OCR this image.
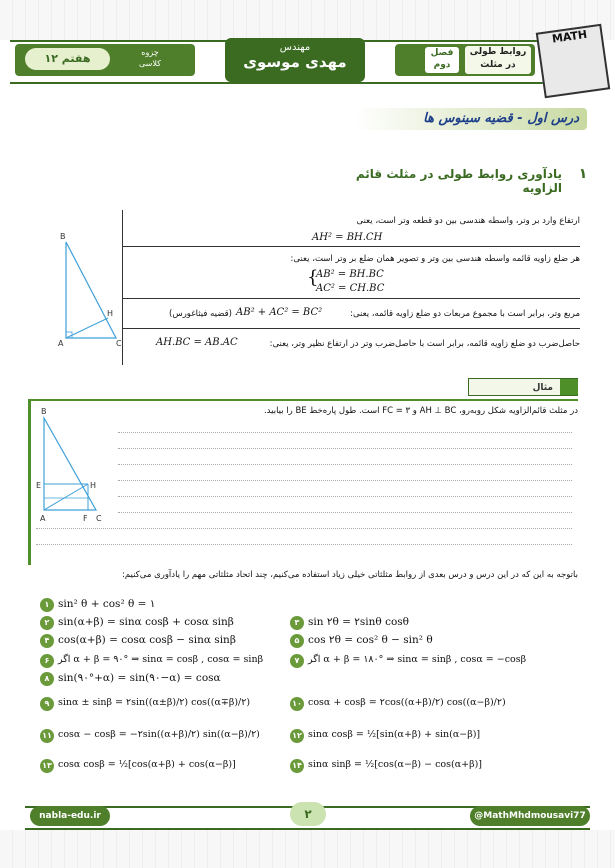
چزوه
کلاسی
هفتم ۱۲
مهندس
مهدی موسوی	فصل
دوم
روابط طولی
در مثلث
MATH
درس اول - قضیه سینوس ها
۱
یادآوری روابط طولی در مثلث قائم الزاویه
B
H
A	C
ارتفاع وارد بر وتر، واسطه هندسی بین دو قطعه وتر است، یعنی
AH² = BH.CH
هر ضلع زاویه قائمه واسطه هندسی بین وتر و تصویر همان ضلع بر وتر است، یعنی:
{
AB² = BH.BC
AC² = CH.BC
مربع وتر، برابر است با مجموع مربعات دو ضلع زاویه قائمه، یعنی:
AB² + AC² = BC²
(قضیه فیثاغورس)
حاصل‌ضرب دو ضلع زاویه قائمه، برابر است با حاصل‌ضرب وتر در ارتفاع نظیر وتر، یعنی:
AH.BC = AB.AC
مثال
در مثلث قائم‌الزاویه شکل روبه‌رو، AH ⊥ BC و FC = ۳ است. طول پاره‌خط BE را بیابید.
B
E	H
A	F C
باتوجه به این که در این درس و درس بعدی از روابط مثلثاتی خیلی زیاد استفاده می‌کنیم، چند اتحاد مثلثاتی مهم را یادآوری می‌کنیم:
۱ sin² θ + cos² θ = ۱
۲ sin(α+β) = sinα cosβ + cosα sinβ	۳ sin ۲θ = ۲sinθ cosθ
۴ cos(α+β) = cosα cosβ − sinα sinβ	۵ cos ۲θ = cos² θ − sin² θ
۶ اگر α + β = ۹۰° ⇒ sinα = cosβ , cosα = sinβ	۷ اگر α + β = ۱۸۰° ⇒ sinα = sinβ , cosα = −cosβ
۸ sin(۹۰°+α) = sin(۹۰−α) = cosα
۹ sinα ± sinβ = ۲sin((α±β)/۲) cos((α∓β)/۲)	۱۰ cosα + cosβ = ۲cos((α+β)/۲) cos((α−β)/۲)
۱۱ cosα − cosβ = −۲sin((α+β)/۲) sin((α−β)/۲)	۱۲ sinα cosβ = ½[sin(α+β) + sin(α−β)]
۱۳ cosα cosβ = ½[cos(α+β) + cos(α−β)]	۱۴ sinα sinβ = ½[cos(α−β) − cos(α+β)]
nabla-edu.ir	۲	@MathMhdmousavi77
